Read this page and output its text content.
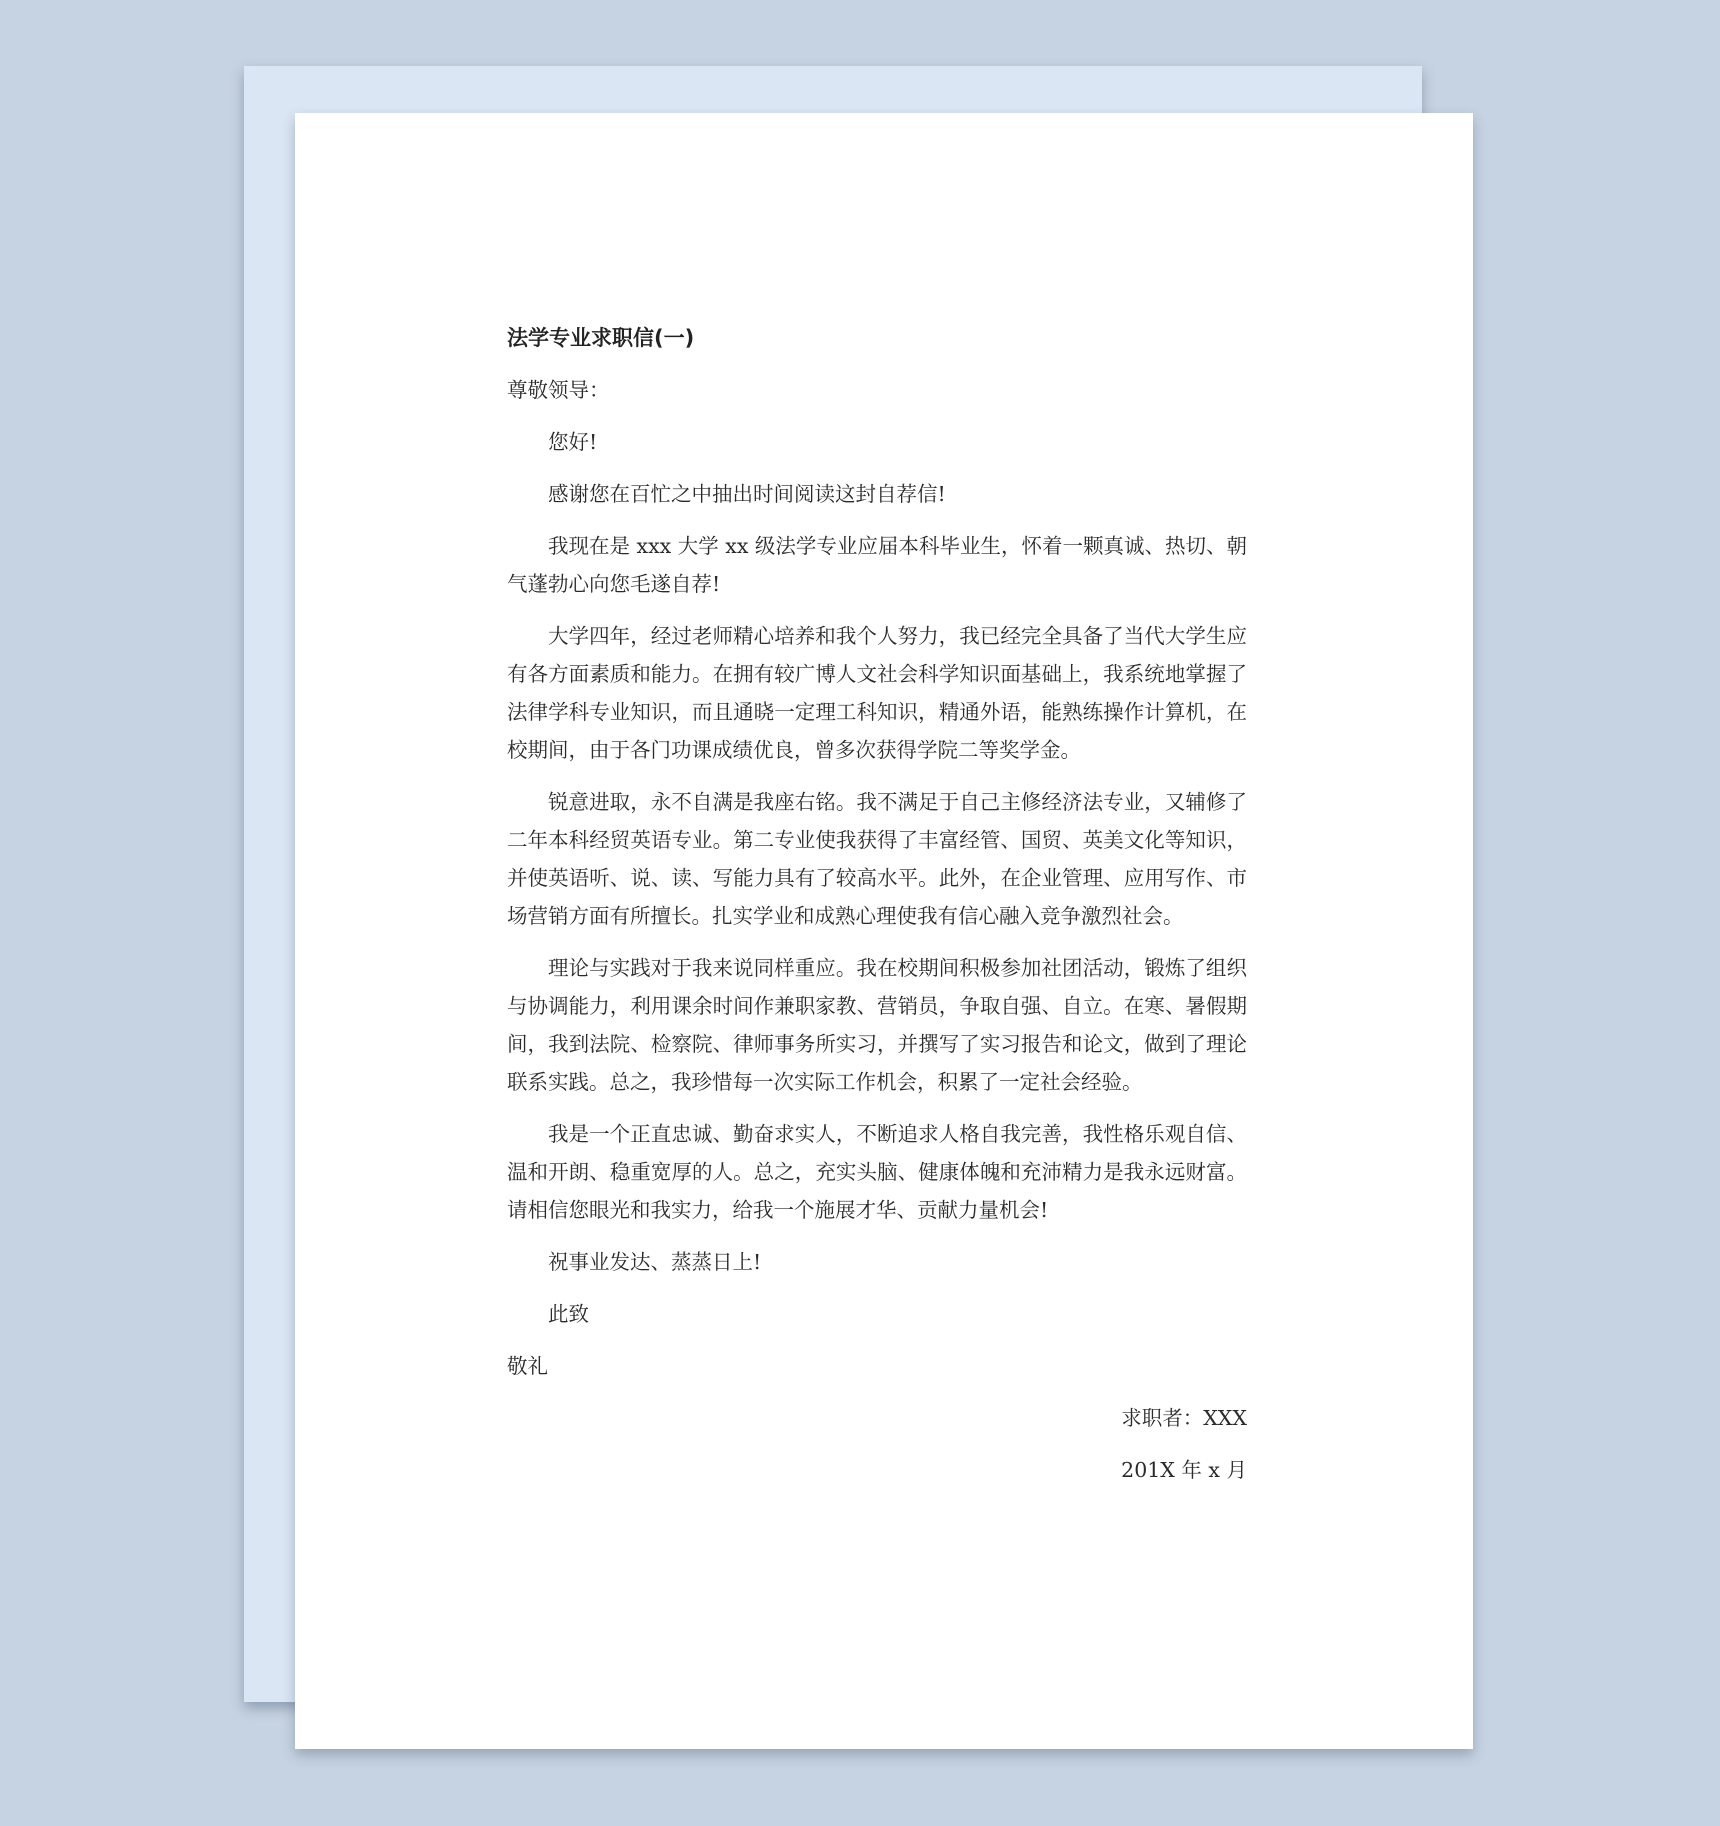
法学专业求职信(一)

尊敬领导：

您好!

感谢您在百忙之中抽出时间阅读这封自荐信!

我现在是 xxx 大学 xx 级法学专业应届本科毕业生，怀着一颗真诚、热切、朝气蓬勃心向您毛遂自荐!

大学四年，经过老师精心培养和我个人努力，我已经完全具备了当代大学生应有各方面素质和能力。在拥有较广博人文社会科学知识面基础上，我系统地掌握了法律学科专业知识，而且通晓一定理工科知识，精通外语，能熟练操作计算机，在校期间，由于各门功课成绩优良，曾多次获得学院二等奖学金。

锐意进取，永不自满是我座右铭。我不满足于自己主修经济法专业，又辅修了二年本科经贸英语专业。第二专业使我获得了丰富经管、国贸、英美文化等知识，并使英语听、说、读、写能力具有了较高水平。此外，在企业管理、应用写作、市场营销方面有所擅长。扎实学业和成熟心理使我有信心融入竞争激烈社会。

理论与实践对于我来说同样重应。我在校期间积极参加社团活动，锻炼了组织与协调能力，利用课余时间作兼职家教、营销员，争取自强、自立。在寒、暑假期间，我到法院、检察院、律师事务所实习，并撰写了实习报告和论文，做到了理论联系实践。总之，我珍惜每一次实际工作机会，积累了一定社会经验。

我是一个正直忠诚、勤奋求实人，不断追求人格自我完善，我性格乐观自信、温和开朗、稳重宽厚的人。总之，充实头脑、健康体魄和充沛精力是我永远财富。请相信您眼光和我实力，给我一个施展才华、贡献力量机会!

祝事业发达、蒸蒸日上!

此致

敬礼

求职者：XXX

201X 年 x 月
